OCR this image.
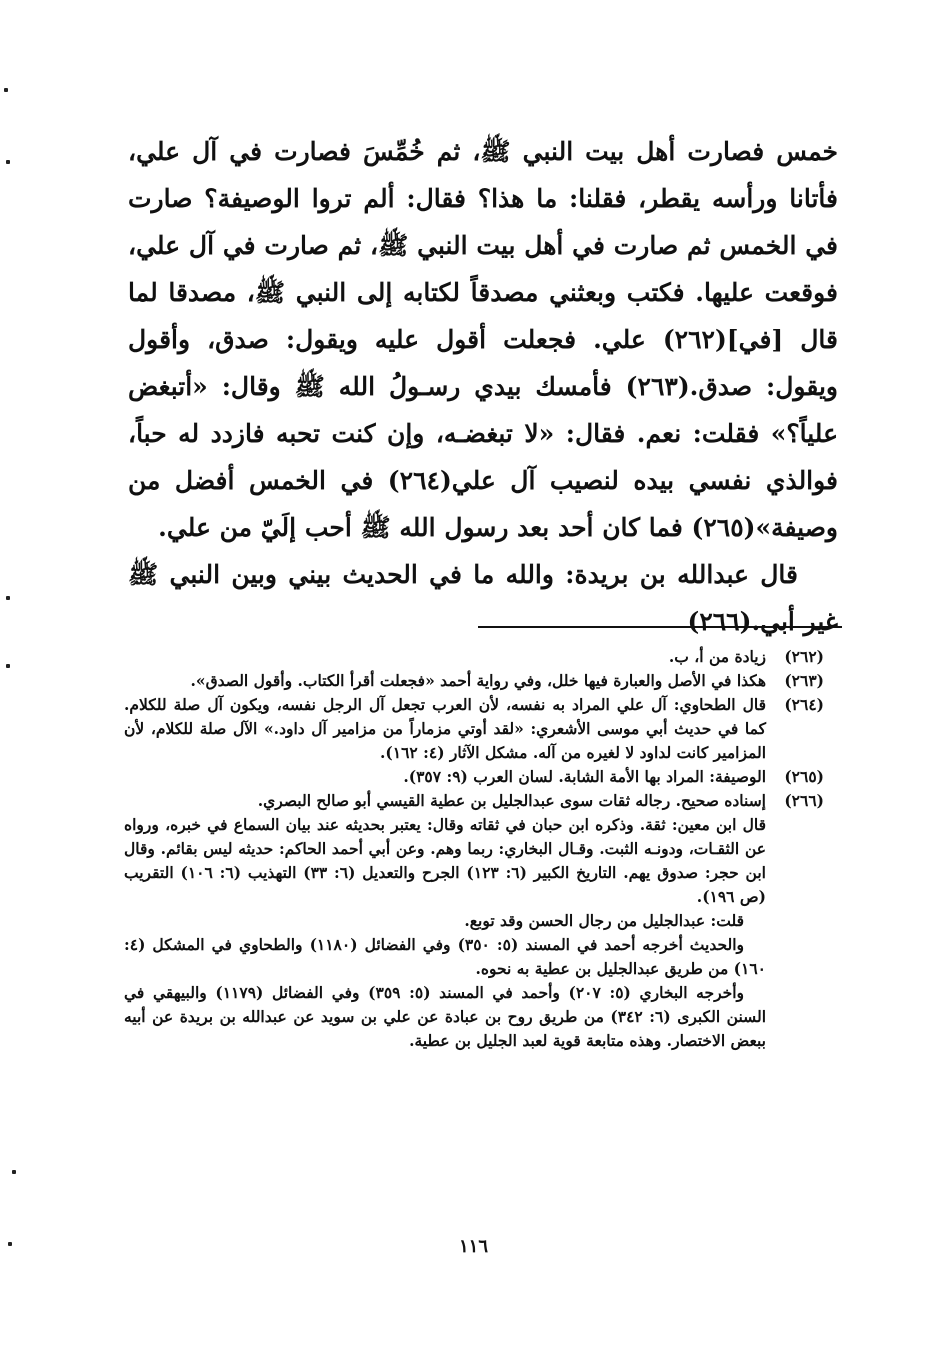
خمس فصارت أهل بيت النبي ﷺ، ثم خُمِّسَ فصارت في آل علي، فأتانا ورأسه يقطر، فقلنا: ما هذا؟ فقال: ألم تروا الوصيفة؟ صارت في الخمس ثم صارت في أهل بيت النبي ﷺ، ثم صارت في آل علي، فوقعت عليها. فكتب وبعثني مصدقاً لكتابه إلى النبي ﷺ، مصدقا لما قال [في](٢٦٢) علي. فجعلت أقول عليه ويقول: صدق، وأقول ويقول: صدق.(٢٦٣) فأمسك بيدي رسـولُ الله ﷺ وقال: «أتبغض علياً؟» فقلت: نعم. فقال: «لا تبغضـه، وإن كنت تحبه فازدد له حباً، فوالذي نفسي بيده لنصيب آل علي(٢٦٤) في الخمس أفضل من وصيفة»(٢٦٥) فما كان أحد بعد رسول الله ﷺ أحب إلَيّ من علي.

قال عبدالله بن بريدة: والله ما في الحديث بيني وبين النبي ﷺ غير أبي.(٢٦٦)

(٢٦٢)

زيادة من أ، ب.

(٢٦٣)

هكذا في الأصل والعبارة فيها خلل، وفي رواية أحمد «فجعلت أقرأ الكتاب. وأقول الصدق».

(٢٦٤)

قال الطحاوي: آل علي المراد به نفسه، لأن العرب تجعل آل الرجل نفسه، ويكون آل صلة للكلام. كما في حديث أبي موسى الأشعري: «لقد أوتي مزماراً من مزامير آل داود.» الآل صلة للكلام، لأن المزامير كانت لداود لا لغيره من آله. مشكل الآثار (٤: ١٦٢).

(٢٦٥)

الوصيفة: المراد بها الأمة الشابة. لسان العرب (٩: ٣٥٧).

(٢٦٦)

إسناده صحيح. رجاله ثقات سوى عبدالجليل بن عطية القيسي أبو صالح البصري.

قال ابن معين: ثقة. وذكره ابن حبان في ثقاته وقال: يعتبر بحديثه عند بيان السماع في خبره، ورواه عن الثقـات، ودونـه الثبت. وقـال البخاري: ربما وهم. وعن أبي أحمد الحاكم: حديثه ليس بقائم. وقال ابن حجر: صدوق يهم. التاريخ الكبير (٦: ١٢٣) الجرح والتعديل (٦: ٣٣) التهذيب (٦: ١٠٦) التقريب (ص ١٩٦).

قلت: عبدالجليل من رجال الحسن وقد توبع.

والحديث أخرجه أحمد في المسند (٥: ٣٥٠) وفي الفضائل (١١٨٠) والطحاوي في المشكل (٤: ١٦٠) من طريق عبدالجليل بن عطية به نحوه.

وأخرجه البخاري (٥: ٢٠٧) وأحمد في المسند (٥: ٣٥٩) وفي الفضائل (١١٧٩) والبيهقي في السنن الكبرى (٦: ٣٤٢) من طريق روح بن عبادة عن علي بن سويد عن عبدالله بن بريدة عن أبيه ببعض الاختصار. وهذه متابعة قوية لعبد الجليل بن عطية.

١١٦
